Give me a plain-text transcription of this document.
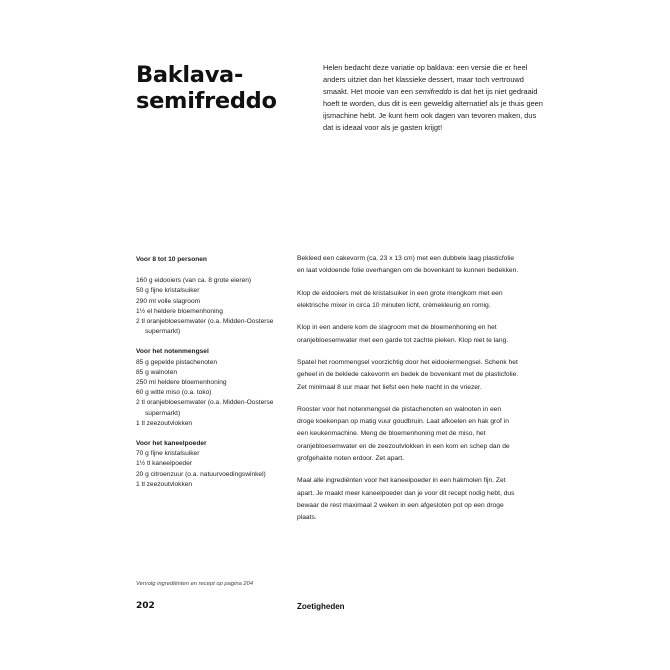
Baklava-
semifreddo

Helen bedacht deze variatie op baklava: een versie die er heel anders uitziet dan het klassieke dessert, maar toch vertrouwd smaakt. Het mooie van een semifreddo is dat het ijs niet gedraaid hoeft te worden, dus dit is een geweldig alternatief als je thuis geen ijsmachine hebt. Je kunt hem ook dagen van tevoren maken, dus dat is ideaal voor als je gasten krijgt!

Voor 8 tot 10 personen

160 g eidooiers (van ca. 8 grote eieren)
50 g fijne kristalsuiker
290 ml volle slagroom
1½ el heldere bloemenhoning
2 tl oranjebloesemwater (o.a. Midden-Oosterse supermarkt)

Voor het notenmengsel

85 g gepelde pistachenoten
85 g walnoten
250 ml heldere bloemenhoning
60 g witte miso (o.a. toko)
2 tl oranjebloesemwater (o.a. Midden-Oosterse supermarkt)
1 tl zeezoutvlokken

Voor het kaneelpoeder

70 g fijne kristalsuiker
1½ tl kaneelpoeder
20 g citroenzuur (o.a. natuurvoedingswinkel)
1 tl zeezoutvlokken

Bekleed een cakevorm (ca. 23 x 13 cm) met een dubbele laag plasticfolie en laat voldoende folie overhangen om de bovenkant te kunnen bedekken.

Klop de eidooiers met de kristalsuiker in een grote mengkom met een elektrische mixer in circa 10 minuten licht, crèmekleurig en romig.

Klop in een andere kom de slagroom met de bloemenhoning en het oranjebloesemwater met een garde tot zachte pieken. Klop niet te lang.

Spatel het roommengsel voorzichtig door het eidooiermengsel. Schenk het geheel in de beklede cakevorm en bedek de bovenkant met de plasticfolie. Zet minimaal 8 uur maar het liefst een hele nacht in de vriezer.

Rooster voor het notenmengsel de pistachenoten en walnoten in een droge koekenpan op matig vuur goudbruin. Laat afkoelen en hak grof in een keukenmachine. Meng de bloemenhoning met de miso, het oranjebloesemwater en de zeezoutvlokken in een kom en schep dan de grofgehakte noten erdoor. Zet apart.

Maal alle ingrediënten voor het kaneelpoeder in een hakmolen fijn. Zet apart. Je maakt meer kaneelpoeder dan je voor dit recept nodig hebt, dus bewaar de rest maximaal 2 weken in een afgesloten pot op een droge plaats.

Vervolg ingrediënten en recept op pagina 204
202	Zoetigheden
